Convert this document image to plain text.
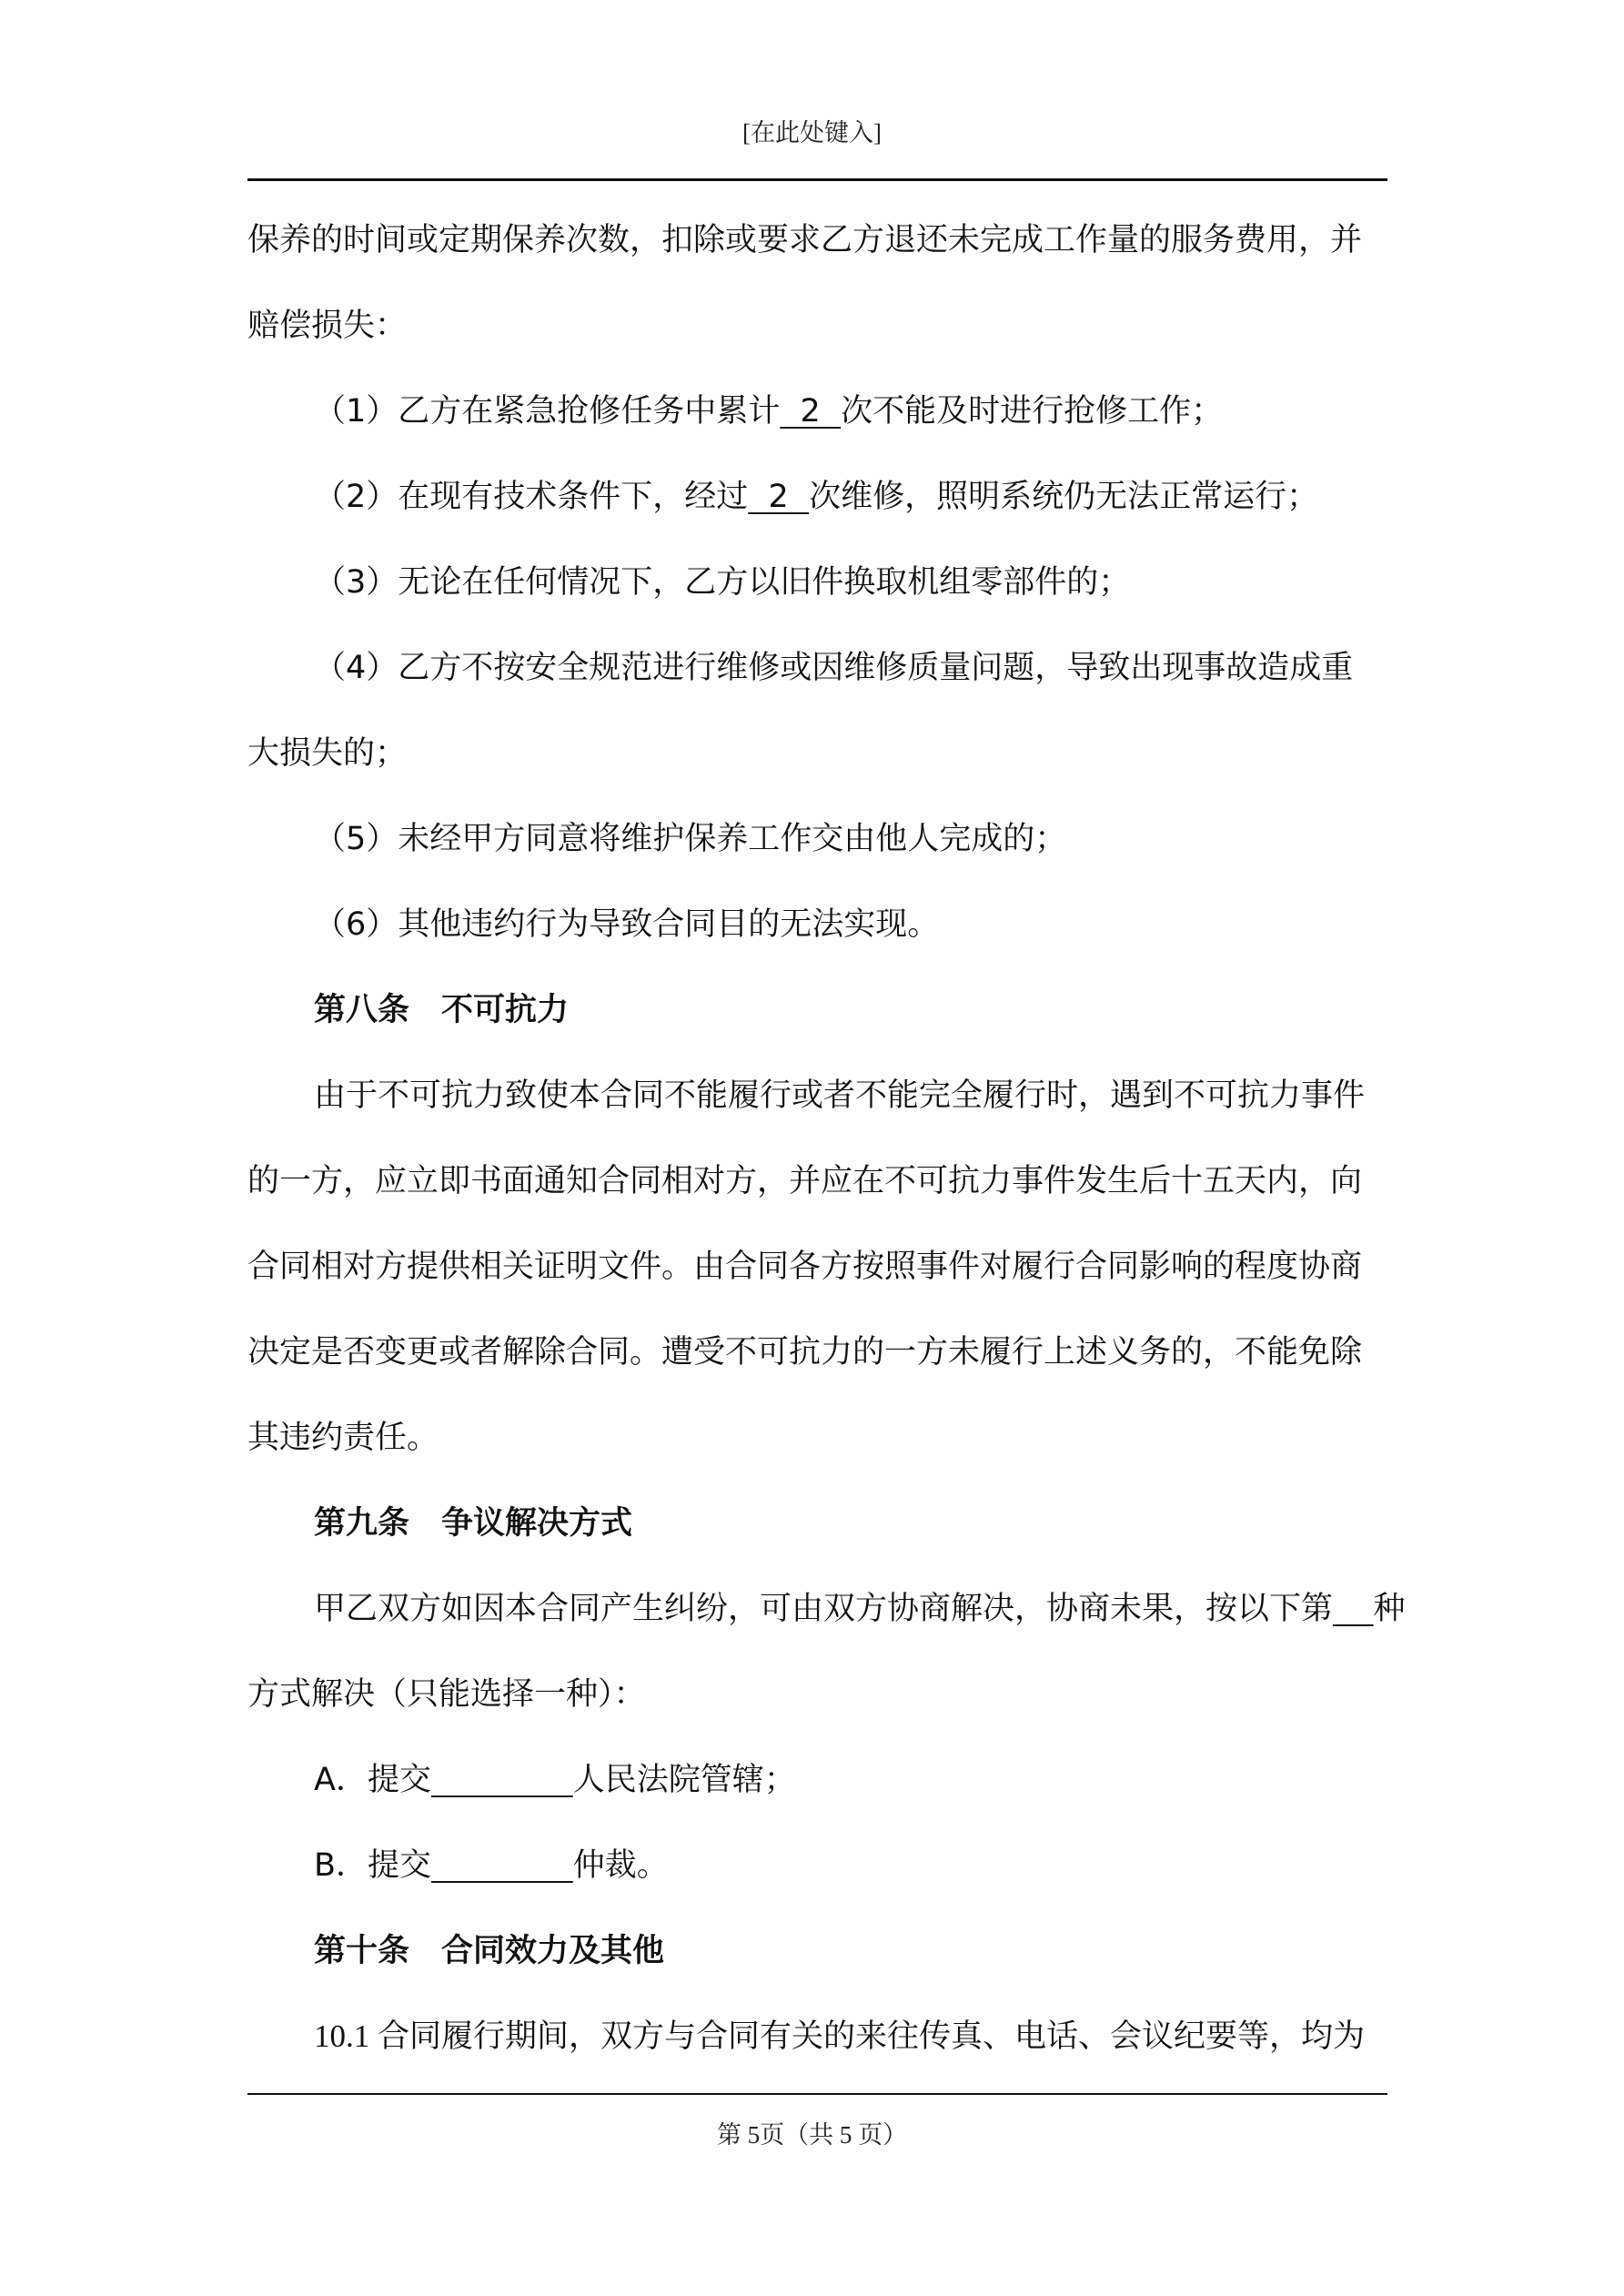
[在此处键入]
保养的时间或定期保养次数，扣除或要求乙方退还未完成工作量的服务费用，并
赔偿损失：
（1）乙方在紧急抢修任务中累计  2  次不能及时进行抢修工作；
（2）在现有技术条件下，经过  2  次维修，照明系统仍无法正常运行；
（3）无论在任何情况下，乙方以旧件换取机组零部件的；
（4）乙方不按安全规范进行维修或因维修质量问题，导致出现事故造成重
大损失的；
（5）未经甲方同意将维护保养工作交由他人完成的；
（6）其他违约行为导致合同目的无法实现。
第八条　不可抗力
由于不可抗力致使本合同不能履行或者不能完全履行时，遇到不可抗力事件
的一方，应立即书面通知合同相对方，并应在不可抗力事件发生后十五天内，向
合同相对方提供相关证明文件。由合同各方按照事件对履行合同影响的程度协商
决定是否变更或者解除合同。遭受不可抗力的一方未履行上述义务的，不能免除
其违约责任。
第九条　争议解决方式
甲乙双方如因本合同产生纠纷，可由双方协商解决，协商未果，按以下第 种
方式解决（只能选择一种）：
A．提交	人民法院管辖；
B．提交	仲裁。
第十条　合同效力及其他
10.1 合同履行期间，双方与合同有关的来往传真、电话、会议纪要等，均为
第 5页（共 5 页）
